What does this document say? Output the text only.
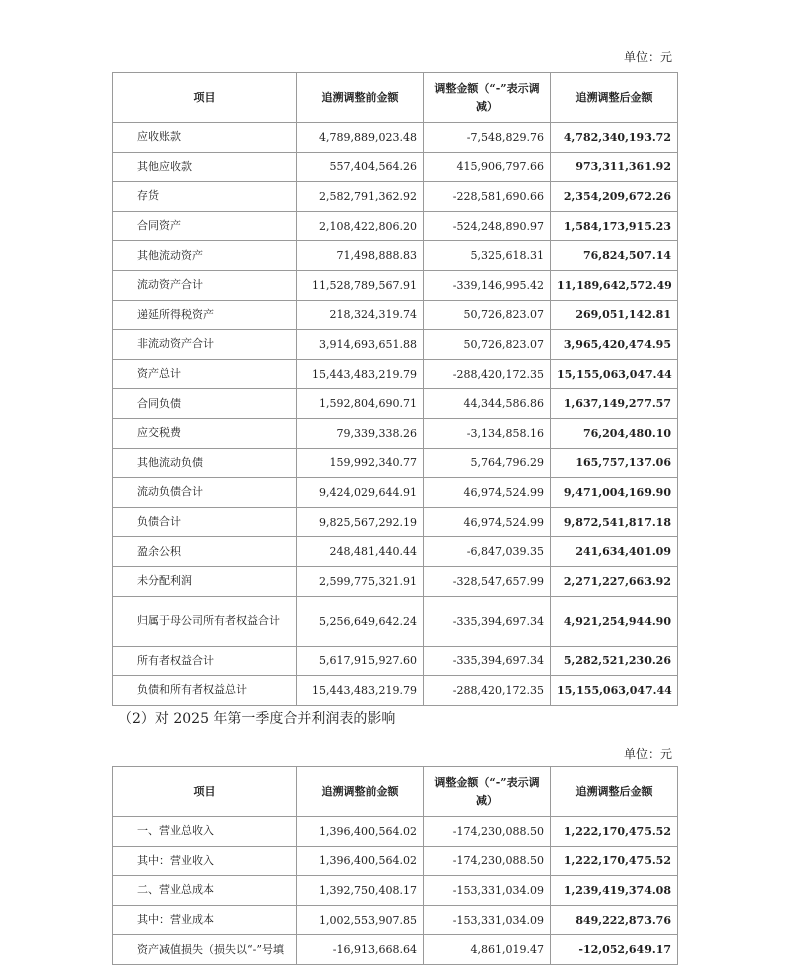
单位：元
项目	追溯调整前金额	调整金额（“-”表示调减）	追溯调整后金额
应收账款	4,789,889,023.48	-7,548,829.76	4,782,340,193.72
其他应收款	557,404,564.26	415,906,797.66	973,311,361.92
存货	2,582,791,362.92	-228,581,690.66	2,354,209,672.26
合同资产	2,108,422,806.20	-524,248,890.97	1,584,173,915.23
其他流动资产	71,498,888.83	5,325,618.31	76,824,507.14
流动资产合计	11,528,789,567.91	-339,146,995.42	11,189,642,572.49
递延所得税资产	218,324,319.74	50,726,823.07	269,051,142.81
非流动资产合计	3,914,693,651.88	50,726,823.07	3,965,420,474.95
资产总计	15,443,483,219.79	-288,420,172.35	15,155,063,047.44
合同负债	1,592,804,690.71	44,344,586.86	1,637,149,277.57
应交税费	79,339,338.26	-3,134,858.16	76,204,480.10
其他流动负债	159,992,340.77	5,764,796.29	165,757,137.06
流动负债合计	9,424,029,644.91	46,974,524.99	9,471,004,169.90
负债合计	9,825,567,292.19	46,974,524.99	9,872,541,817.18
盈余公积	248,481,440.44	-6,847,039.35	241,634,401.09
未分配利润	2,599,775,321.91	-328,547,657.99	2,271,227,663.92
归属于母公司所有者权益合计	5,256,649,642.24	-335,394,697.34	4,921,254,944.90
所有者权益合计	5,617,915,927.60	-335,394,697.34	5,282,521,230.26
负债和所有者权益总计	15,443,483,219.79	-288,420,172.35	15,155,063,047.44
（2）对 2025 年第一季度合并利润表的影响
单位：元
项目	追溯调整前金额	调整金额（“-”表示调减）	追溯调整后金额
一、营业总收入	1,396,400,564.02	-174,230,088.50	1,222,170,475.52
其中：营业收入	1,396,400,564.02	-174,230,088.50	1,222,170,475.52
二、营业总成本	1,392,750,408.17	-153,331,034.09	1,239,419,374.08
其中：营业成本	1,002,553,907.85	-153,331,034.09	849,222,873.76
资产减值损失（损失以“-”号填	-16,913,668.64	4,861,019.47	-12,052,649.17
